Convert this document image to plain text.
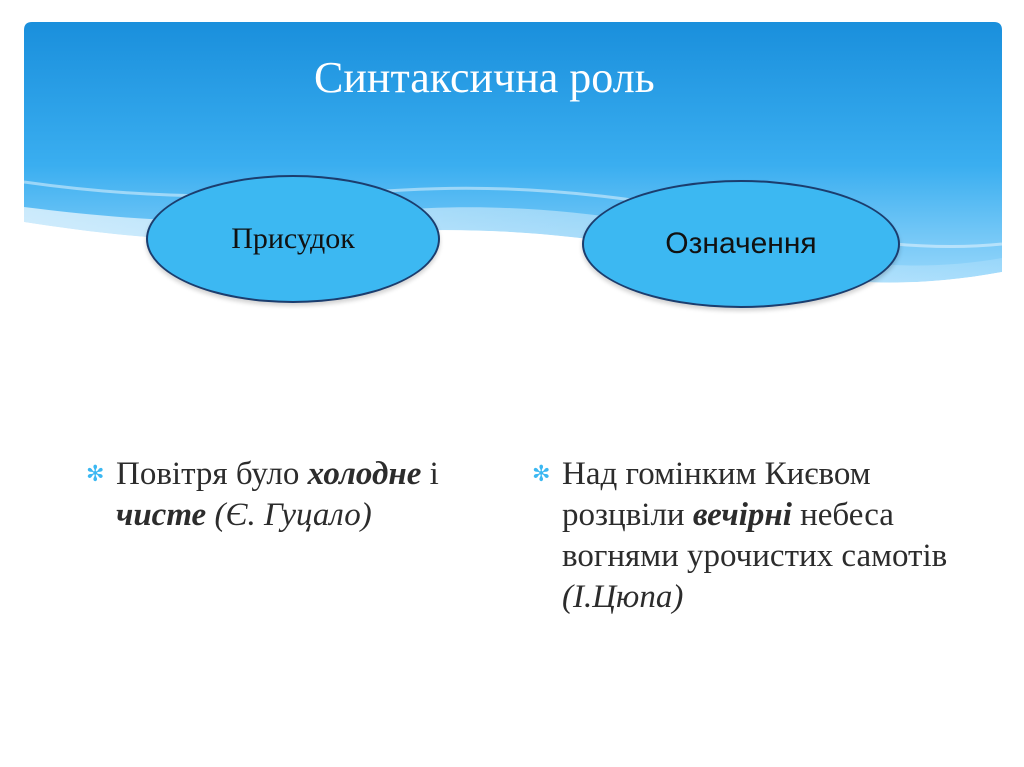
Синтаксична роль
Присудок	Означення
✻ Повітря було холодне і чисте (Є. Гуцало)
✻ Над гомінким Києвом розцвіли вечірні небеса вогнями урочистих самотів (І.Цюпа)
